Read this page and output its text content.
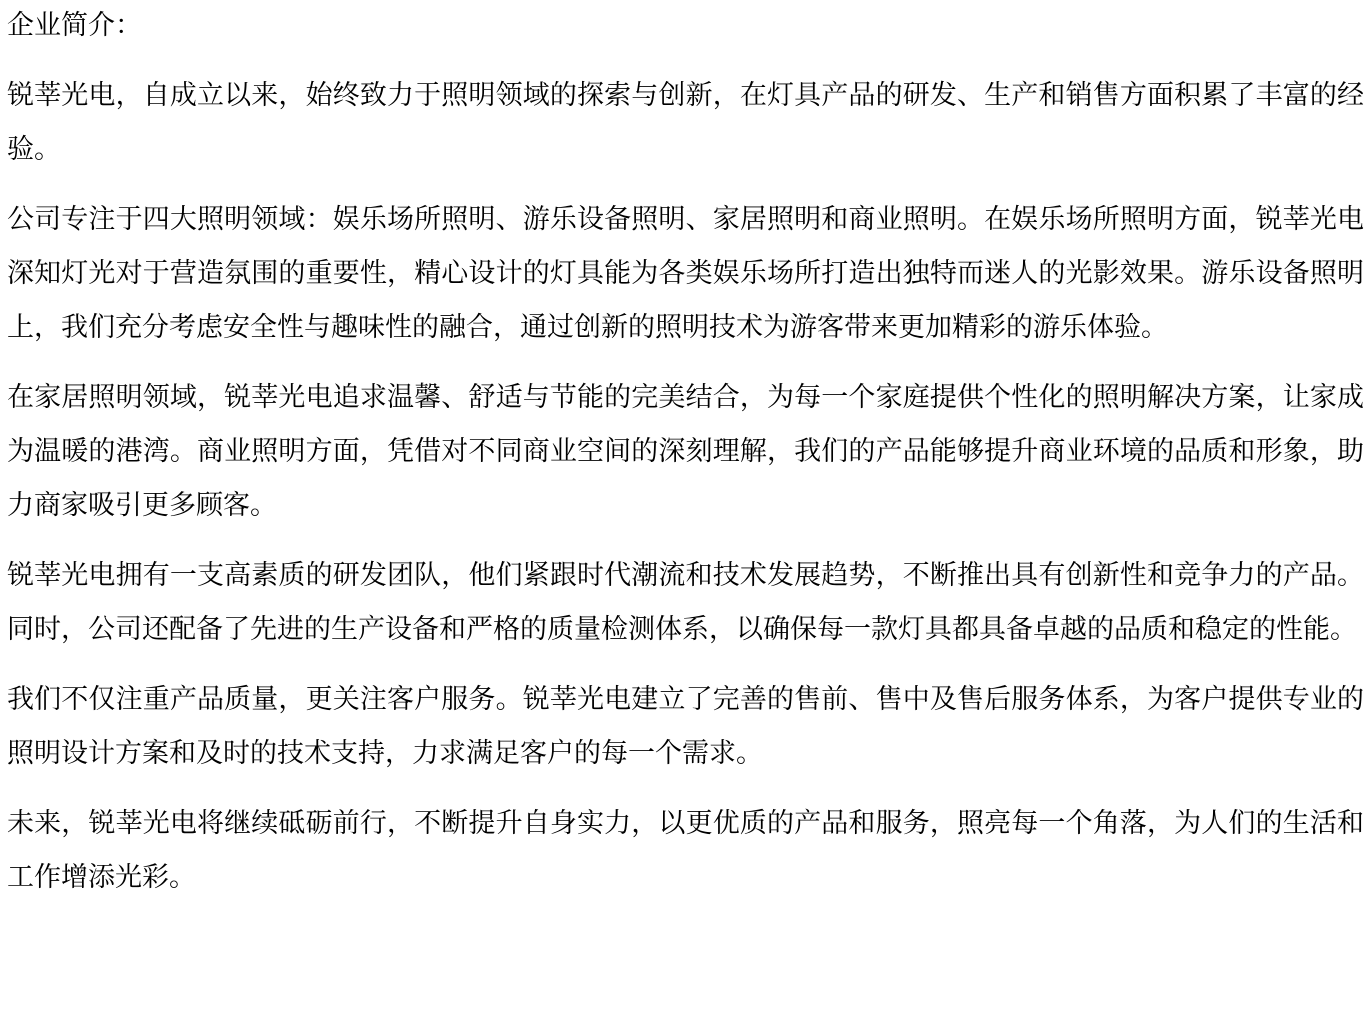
企业简介：

锐莘光电，自成立以来，始终致力于照明领域的探索与创新，在灯具产品的研发、生产和销售方面积累了丰富的经验。

公司专注于四大照明领域：娱乐场所照明、游乐设备照明、家居照明和商业照明。在娱乐场所照明方面，锐莘光电深知灯光对于营造氛围的重要性，精心设计的灯具能为各类娱乐场所打造出独特而迷人的光影效果。游乐设备照明上，我们充分考虑安全性与趣味性的融合，通过创新的照明技术为游客带来更加精彩的游乐体验。

在家居照明领域，锐莘光电追求温馨、舒适与节能的完美结合，为每一个家庭提供个性化的照明解决方案，让家成为温暖的港湾。商业照明方面，凭借对不同商业空间的深刻理解，我们的产品能够提升商业环境的品质和形象，助力商家吸引更多顾客。

锐莘光电拥有一支高素质的研发团队，他们紧跟时代潮流和技术发展趋势，不断推出具有创新性和竞争力的产品。同时，公司还配备了先进的生产设备和严格的质量检测体系，以确保每一款灯具都具备卓越的品质和稳定的性能。

我们不仅注重产品质量，更关注客户服务。锐莘光电建立了完善的售前、售中及售后服务体系，为客户提供专业的照明设计方案和及时的技术支持，力求满足客户的每一个需求。

未来，锐莘光电将继续砥砺前行，不断提升自身实力，以更优质的产品和服务，照亮每一个角落，为人们的生活和工作增添光彩。
